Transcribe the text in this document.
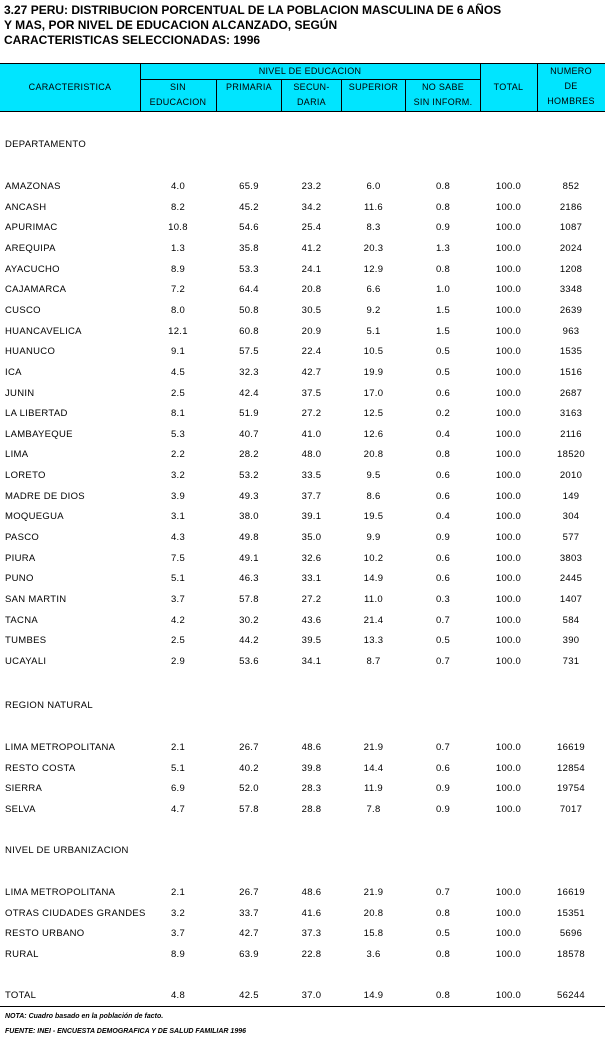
3.27 PERU: DISTRIBUCION PORCENTUAL DE LA POBLACION MASCULINA DE 6 AÑOS
Y MAS, POR NIVEL DE EDUCACION ALCANZADO, SEGÚN
CARACTERISTICAS SELECCIONADAS: 1996
CARACTERISTICA
NIVEL DE EDUCACION
SIN
EDUCACION
PRIMARIA	SECUN-
DARIA
SUPERIOR	NO SABE
SIN INFORM.
TOTAL
NUMERO
DE
HOMBRES
DEPARTAMENTO
REGION NATURAL
NIVEL DE URBANIZACION
AMAZONAS	4.0	65.9	23.2	6.0	0.8	100.0	852
ANCASH	8.2	45.2	34.2	11.6	0.8	100.0	2186
APURIMAC	10.8	54.6	25.4	8.3	0.9	100.0	1087
AREQUIPA	1.3	35.8	41.2	20.3	1.3	100.0	2024
AYACUCHO	8.9	53.3	24.1	12.9	0.8	100.0	1208
CAJAMARCA	7.2	64.4	20.8	6.6	1.0	100.0	3348
CUSCO	8.0	50.8	30.5	9.2	1.5	100.0	2639
HUANCAVELICA	12.1	60.8	20.9	5.1	1.5	100.0	963
HUANUCO	9.1	57.5	22.4	10.5	0.5	100.0	1535
ICA	4.5	32.3	42.7	19.9	0.5	100.0	1516
JUNIN	2.5	42.4	37.5	17.0	0.6	100.0	2687
LA LIBERTAD	8.1	51.9	27.2	12.5	0.2	100.0	3163
LAMBAYEQUE	5.3	40.7	41.0	12.6	0.4	100.0	2116
LIMA	2.2	28.2	48.0	20.8	0.8	100.0	18520
LORETO	3.2	53.2	33.5	9.5	0.6	100.0	2010
MADRE DE DIOS	3.9	49.3	37.7	8.6	0.6	100.0	149
MOQUEGUA	3.1	38.0	39.1	19.5	0.4	100.0	304
PASCO	4.3	49.8	35.0	9.9	0.9	100.0	577
PIURA	7.5	49.1	32.6	10.2	0.6	100.0	3803
PUNO	5.1	46.3	33.1	14.9	0.6	100.0	2445
SAN MARTIN	3.7	57.8	27.2	11.0	0.3	100.0	1407
TACNA	4.2	30.2	43.6	21.4	0.7	100.0	584
TUMBES	2.5	44.2	39.5	13.3	0.5	100.0	390
UCAYALI	2.9	53.6	34.1	8.7	0.7	100.0	731
LIMA METROPOLITANA	2.1	26.7	48.6	21.9	0.7	100.0	16619
RESTO COSTA	5.1	40.2	39.8	14.4	0.6	100.0	12854
SIERRA	6.9	52.0	28.3	11.9	0.9	100.0	19754
SELVA	4.7	57.8	28.8	7.8	0.9	100.0	7017
LIMA METROPOLITANA	2.1	26.7	48.6	21.9	0.7	100.0	16619
OTRAS CIUDADES GRANDES	3.2	33.7	41.6	20.8	0.8	100.0	15351
RESTO URBANO	3.7	42.7	37.3	15.8	0.5	100.0	5696
RURAL	8.9	63.9	22.8	3.6	0.8	100.0	18578
TOTAL	4.8	42.5	37.0	14.9	0.8	100.0	56244
NOTA: Cuadro basado en la población de facto.
FUENTE: INEI - ENCUESTA DEMOGRAFICA Y DE SALUD FAMILIAR 1996
